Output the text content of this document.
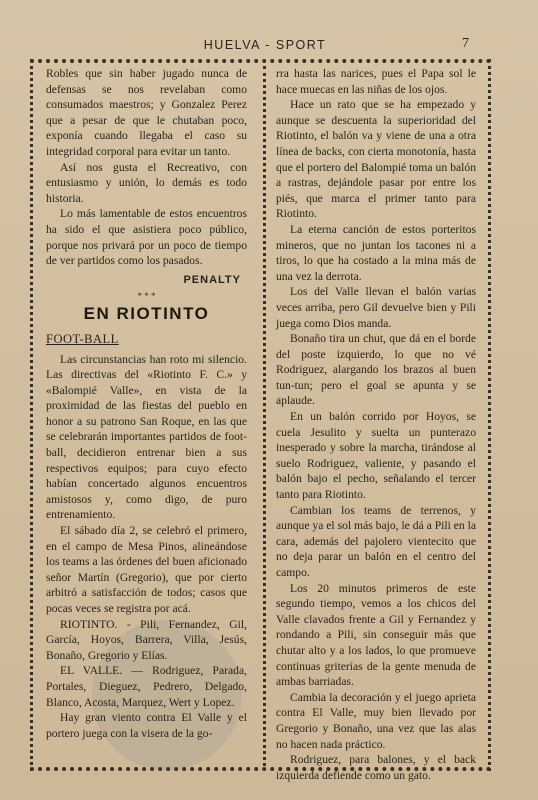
HUELVA - SPORT	7

Robles que sin haber jugado nunca de defensas se nos revelaban como consumados maestros; y Gonzalez Perez que a pesar de que le chutaban poco, exponía cuando llegaba el caso su integridad corporal para evitar un tanto.

Así nos gusta el Recreativo, con entusiasmo y unión, lo demás es todo historia.

Lo más lamentable de estos encuentros ha sido el que asistiera poco público, porque nos privará por un poco de tiempo de ver partidos como los pasados.

PENALTY
* * *
EN RIOTINTO
FOOT-BALL

Las circunstancias han roto mi silencio. Las directivas del «Riotinto F. C.» y «Balompié Valle», en vista de la proximidad de las fiestas del pueblo en honor a su patrono San Roque, en las que se celebrarán importantes partidos de foot-ball, decidieron entrenar bien a sus respectivos equipos; para cuyo efecto habían concertado algunos encuentros amistosos y, como digo, de puro entrenamiento.

El sábado día 2, se celebró el primero, en el campo de Mesa Pinos, alineándose los teams a las órdenes del buen aficionado señor Martín (Gregorio), que por cierto arbitró a satisfacción de todos; casos que pocas veces se registra por acá.

RIOTINTO. - Pili, Fernandez, Gil, García, Hoyos, Barrera, Villa, Jesús, Bonaño, Gregorio y Elías.

EL VALLE. — Rodriguez, Parada, Portales, Dieguez, Pedrero, Delgado, Blanco, Acosta, Marquez, Wert y Lopez.

Hay gran viento contra El Valle y el portero juega con la visera de la go-

rra hasta las narices, pues el Papa sol le hace muecas en las niñas de los ojos.

Hace un rato que se ha empezado y aunque se descuenta la superioridad del Riotinto, el balón va y viene de una a otra línea de backs, con cierta monotonía, hasta que el portero del Balompié toma un balón a rastras, dejándole pasar por entre los piés, que marca el primer tanto para Riotinto.

La eterna canción de estos porteritos mineros, que no juntan los tacones ni a tiros, lo que ha costado a la mina más de una vez la derrota.

Los del Valle llevan el balón varias veces arriba, pero Gil devuelve bien y Pili juega como Dios manda.

Bonaño tira un chut, que dá en el borde del poste izquierdo, lo que no vé Rodriguez, alargando los brazos al buen tun-tun; pero el goal se apunta y se aplaude.

En un balón corrido por Hoyos, se cuela Jesulito y suelta un punterazo inesperado y sobre la marcha, tirándose al suelo Rodriguez, valiente, y pasando el balón bajo el pecho, señalando el tercer tanto para Riotinto.

Cambian los teams de terrenos, y aunque ya el sol más bajo, le dá a Pili en la cara, además del pajolero vientecito que no deja parar un balón en el centro del campo.

Los 20 minutos primeros de este segundo tiempo, vemos a los chicos del Valle clavados frente a Gil y Fernandez y rondando a Pili, sin conseguir más que chutar alto y a los lados, lo que promueve continuas griterías de la gente menuda de ambas barriadas.

Cambia la decoración y el juego aprieta contra El Valle, muy bien llevado por Gregorio y Bonaño, una vez que las alas no hacen nada práctico.

Rodriguez, para balones, y el back izquierda defiende como un gato.
